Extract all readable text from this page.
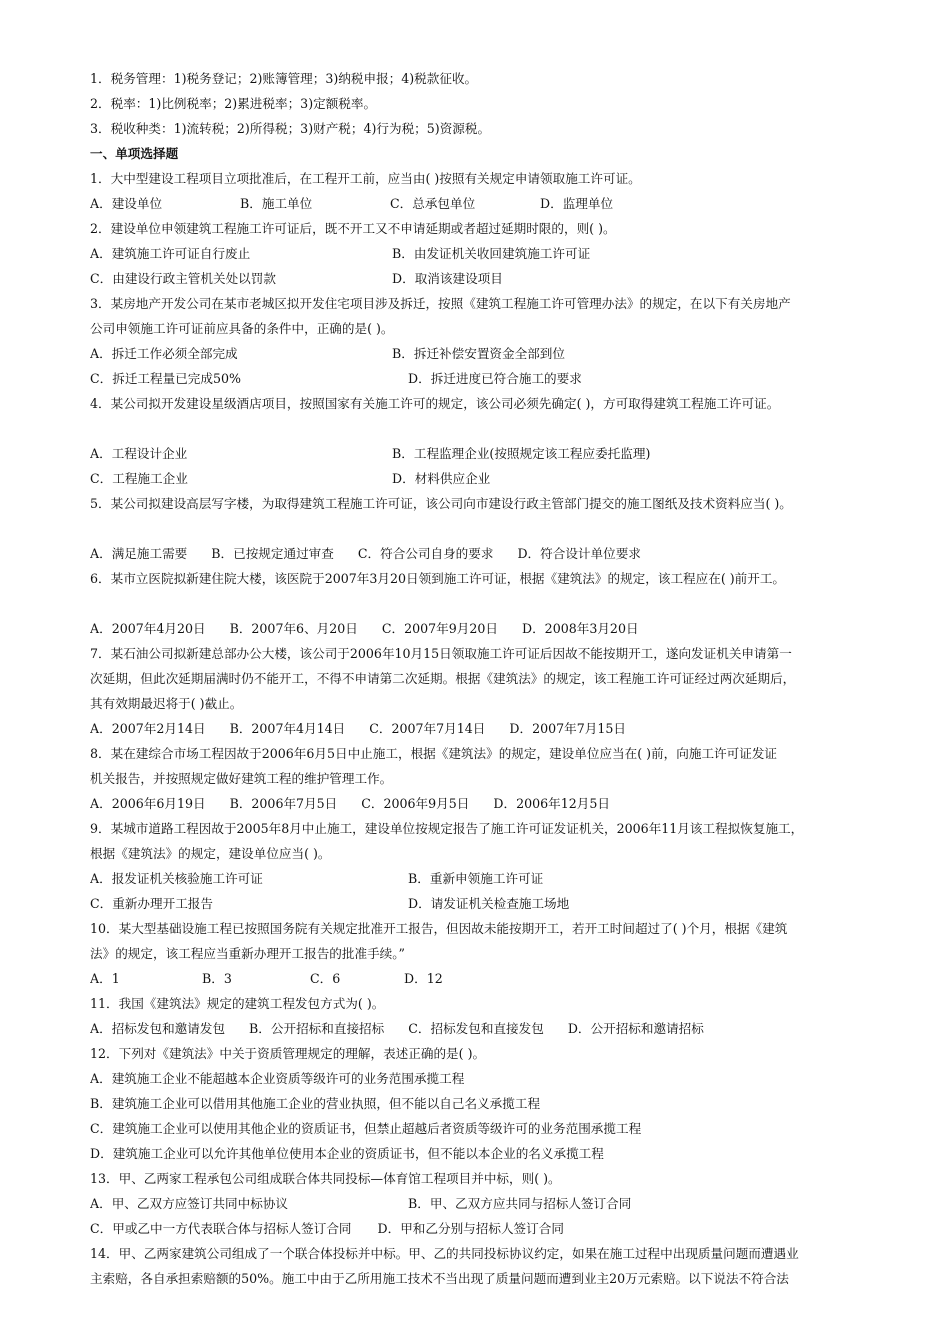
1．税务管理：1)税务登记；2)账簿管理；3)纳税申报；4)税款征收。
2．税率：1)比例税率；2)累进税率；3)定额税率。
3．税收种类：1)流转税；2)所得税；3)财产税；4)行为税；5)资源税。
一、单项选择题
1．大中型建设工程项目立项批准后，在工程开工前，应当由( )按照有关规定申请领取施工许可证。
A．建设单位	B．施工单位	C．总承包单位	D．监理单位
2．建设单位申领建筑工程施工许可证后，既不开工又不申请延期或者超过延期时限的，则( )。
A．建筑施工许可证自行废止	B．由发证机关收回建筑施工许可证
C．由建设行政主管机关处以罚款	D．取消该建设项目
3．某房地产开发公司在某市老城区拟开发住宅项目涉及拆迁，按照《建筑工程施工许可管理办法》的规定，在以下有关房地产
公司申领施工许可证前应具备的条件中，正确的是( )。
A．拆迁工作必须全部完成	B．拆迁补偿安置资金全部到位
C．拆迁工程量已完成50%	D．拆迁进度已符合施工的要求
4．某公司拟开发建设星级酒店项目，按照国家有关施工许可的规定，该公司必须先确定( )，方可取得建筑工程施工许可证。
A．工程设计企业	B．工程监理企业(按照规定该工程应委托监理)
C．工程施工企业	D．材料供应企业
5．某公司拟建设高层写字楼，为取得建筑工程施工许可证，该公司向市建设行政主管部门提交的施工图纸及技术资料应当( )。
A．满足施工需要 B．已按规定通过审查 C．符合公司自身的要求 D．符合设计单位要求
6．某市立医院拟新建住院大楼，该医院于2007年3月20日领到施工许可证，根据《建筑法》的规定，该工程应在( )前开工。
A．2007年4月20日 B．2007年6、月20日 C．2007年9月20日 D．2008年3月20日
7．某石油公司拟新建总部办公大楼，该公司于2006年10月15日领取施工许可证后因故不能按期开工，遂向发证机关申请第一
次延期，但此次延期届满时仍不能开工，不得不申请第二次延期。根据《建筑法》的规定，该工程施工许可证经过两次延期后，
其有效期最迟将于( )截止。
A．2007年2月14日 B．2007年4月14日 C．2007年7月14日 D．2007年7月15日
8．某在建综合市场工程因故于2006年6月5日中止施工，根据《建筑法》的规定，建设单位应当在( )前，向施工许可证发证
机关报告，并按照规定做好建筑工程的维护管理工作。
A．2006年6月19日 B．2006年7月5日 C．2006年9月5日 D．2006年12月5日
9．某城市道路工程因故于2005年8月中止施工，建设单位按规定报告了施工许可证发证机关，2006年11月该工程拟恢复施工，
根据《建筑法》的规定，建设单位应当( )。
A．报发证机关核验施工许可证	B．重新申领施工许可证
C．重新办理开工报告	D．请发证机关检查施工场地
10．某大型基础设施工程已按照国务院有关规定批准开工报告，但因故未能按期开工，若开工时间超过了( )个月，根据《建筑
法》的规定，该工程应当重新办理开工报告的批准手续。”
A．1	B．3	C．6	D．12
11．我国《建筑法》规定的建筑工程发包方式为( )。
A．招标发包和邀请发包 B．公开招标和直接招标 C．招标发包和直接发包 D．公开招标和邀请招标
12．下列对《建筑法》中关于资质管理规定的理解，表述正确的是( )。
A．建筑施工企业不能超越本企业资质等级许可的业务范围承揽工程
B．建筑施工企业可以借用其他施工企业的营业执照，但不能以自己名义承揽工程
C．建筑施工企业可以使用其他企业的资质证书，但禁止超越后者资质等级许可的业务范围承揽工程
D．建筑施工企业可以允许其他单位使用本企业的资质证书，但不能以本企业的名义承揽工程
13．甲、乙两家工程承包公司组成联合体共同投标—体育馆工程项目并中标，则( )。
A．甲、乙双方应签订共同中标协议	B．甲、乙双方应共同与招标人签订合同
C．甲或乙中一方代表联合体与招标人签订合同 D．甲和乙分别与招标人签订合同
14．甲、乙两家建筑公司组成了一个联合体投标并中标。甲、乙的共同投标协议约定，如果在施工过程中出现质量问题而遭遇业
主索赔，各自承担索赔额的50%。施工中由于乙所用施工技术不当出现了质量问题而遭到业主20万元索赔。以下说法不符合法
